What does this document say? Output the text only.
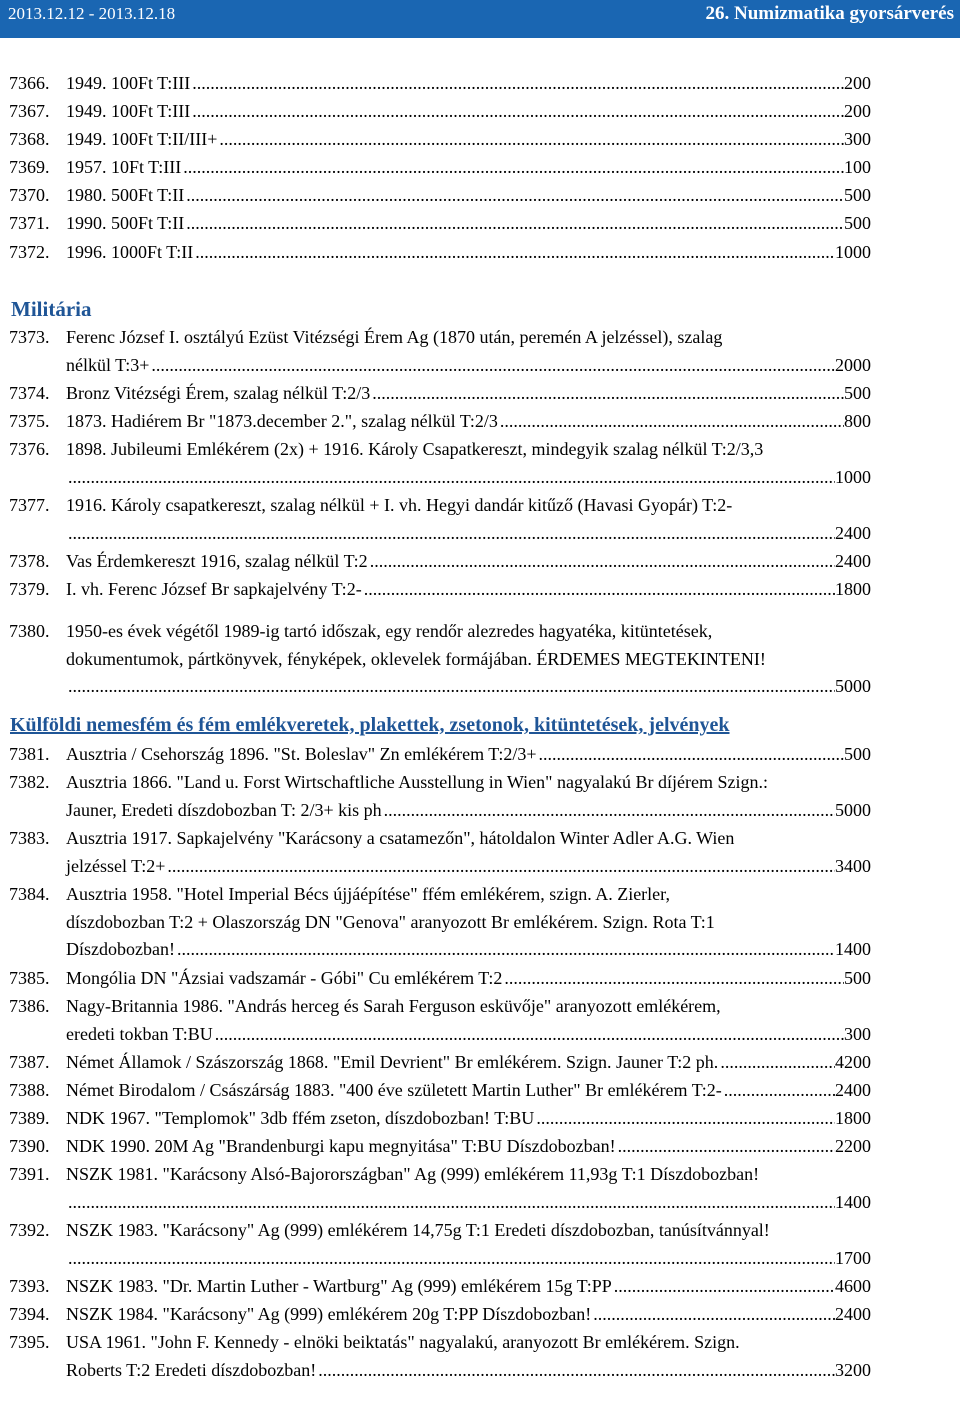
2013.12.12 - 2013.12.18	26. Numizmatika gyorsárverés
Militária
Külföldi nemesfém és fém emlékveretek, plakettek, zsetonok, kitüntetések, jelvények
7366. 1949. 100Ft T:III	200
.....
7367. 1949. 100Ft T:III	200
.....
7368. 1949. 100Ft T:II/III+	300
.....
7369. 1957. 10Ft T:III	100
.....
7370. 1980. 500Ft T:II	500
.....
7371. 1990. 500Ft T:II	500
.....
7372. 1996. 1000Ft T:II	1000
.....
7373. Ferenc József I. osztályú Ezüst Vitézségi Érem Ag (1870 után, peremén A jelzéssel), szalag
nélkül T:3+	2000
.....
7374. Bronz Vitézségi Érem, szalag nélkül T:2/3	500
.....
7375. 1873. Hadiérem Br "1873.december 2.", szalag nélkül T:2/3	800
.....
7376. 1898. Jubileumi Emlékérem (2x) + 1916. Károly Csapatkereszt, mindegyik szalag nélkül T:2/3,3
1000
.....
7377. 1916. Károly csapatkereszt, szalag nélkül + I. vh. Hegyi dandár kitűző (Havasi Gyopár) T:2-
2400
.....
7378. Vas Érdemkereszt 1916, szalag nélkül T:2	2400
.....
7379. I. vh. Ferenc József Br sapkajelvény T:2-	1800
.....
7380. 1950-es évek végétől 1989-ig tartó időszak, egy rendőr alezredes hagyatéka, kitüntetések,
dokumentumok, pártkönyvek, fényképek, oklevelek formájában. ÉRDEMES MEGTEKINTENI!
5000
.....
7381. Ausztria / Csehország 1896. "St. Boleslav" Zn emlékérem T:2/3+	500
.....
7382. Ausztria 1866. "Land u. Forst Wirtschaftliche Ausstellung in Wien" nagyalakú Br díjérem Szign.:
Jauner, Eredeti díszdobozban T: 2/3+ kis ph	5000
.....
7383. Ausztria 1917. Sapkajelvény "Karácsony a csatamezőn", hátoldalon Winter Adler A.G. Wien
jelzéssel T:2+	3400
.....
7384. Ausztria 1958. "Hotel Imperial Bécs újjáépítése" ffém emlékérem, szign. A. Zierler,
díszdobozban T:2 + Olaszország DN "Genova" aranyozott Br emlékérem. Szign. Rota T:1
Díszdobozban!	1400
.....
7385. Mongólia DN "Ázsiai vadszamár - Góbi" Cu emlékérem T:2	500
.....
7386. Nagy-Britannia 1986. "András herceg és Sarah Ferguson esküvője" aranyozott emlékérem,
eredeti tokban T:BU	300
.....
7387. Német Államok / Szászország 1868. "Emil Devrient" Br emlékérem. Szign. Jauner T:2 ph.	4200
.....
7388. Német Birodalom / Császárság 1883. "400 éve született Martin Luther" Br emlékérem T:2-	2400
.....
7389. NDK 1967. "Templomok" 3db ffém zseton, díszdobozban! T:BU	1800
.....
7390. NDK 1990. 20M Ag "Brandenburgi kapu megnyitása" T:BU Díszdobozban!	2200
.....
7391. NSZK 1981. "Karácsony Alsó-Bajorországban" Ag (999) emlékérem 11,93g T:1 Díszdobozban!
1400
.....
7392. NSZK 1983. "Karácsony" Ag (999) emlékérem 14,75g T:1 Eredeti díszdobozban, tanúsítvánnyal!
1700
.....
7393. NSZK 1983. "Dr. Martin Luther - Wartburg" Ag (999) emlékérem 15g T:PP	4600
.....
7394. NSZK 1984. "Karácsony" Ag (999) emlékérem 20g T:PP Díszdobozban!	2400
.....
7395. USA 1961. "John F. Kennedy - elnöki beiktatás" nagyalakú, aranyozott Br emlékérem. Szign.
Roberts T:2 Eredeti díszdobozban!	3200
.....
